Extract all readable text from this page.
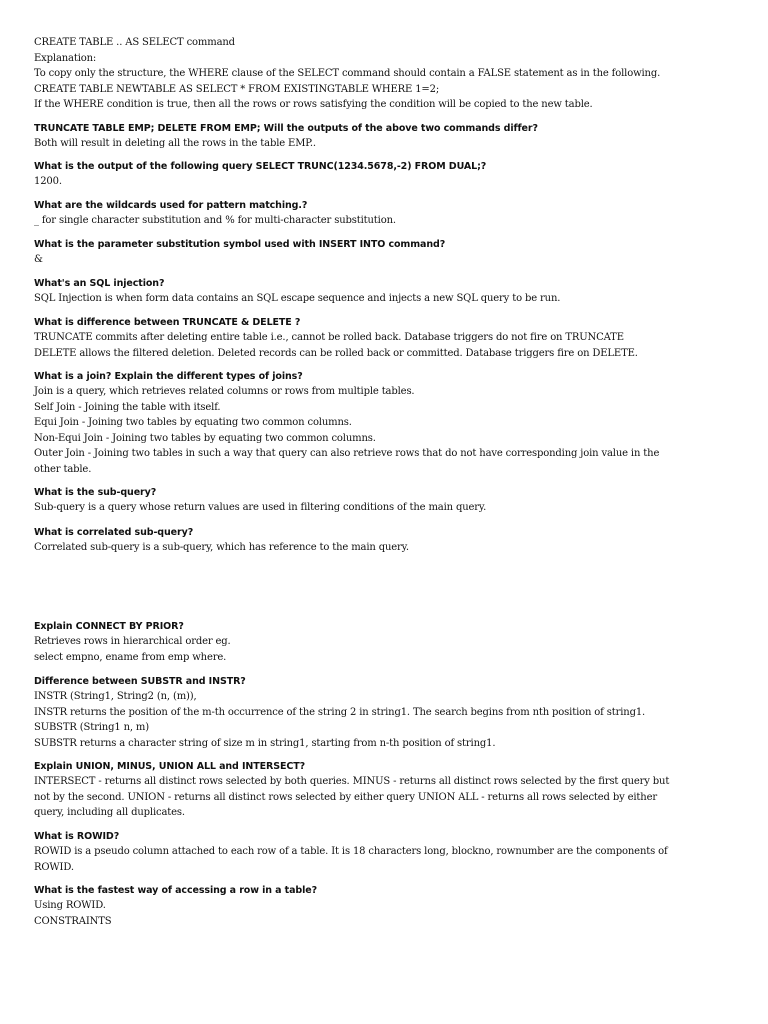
CREATE TABLE .. AS SELECT command
Explanation:
To copy only the structure, the WHERE clause of the SELECT command should contain a FALSE statement as in the following.
CREATE TABLE NEWTABLE AS SELECT * FROM EXISTINGTABLE WHERE 1=2;
If the WHERE condition is true, then all the rows or rows satisfying the condition will be copied to the new table.
TRUNCATE TABLE EMP; DELETE FROM EMP; Will the outputs of the above two commands differ?
Both will result in deleting all the rows in the table EMP..
What is the output of the following query SELECT TRUNC(1234.5678,-2) FROM DUAL;?
1200.
What are the wildcards used for pattern matching.?
_ for single character substitution and % for multi-character substitution.
What is the parameter substitution symbol used with INSERT INTO command?
&
What's an SQL injection?
SQL Injection is when form data contains an SQL escape sequence and injects a new SQL query to be run.
What is difference between TRUNCATE & DELETE ?
TRUNCATE commits after deleting entire table i.e., cannot be rolled back. Database triggers do not fire on TRUNCATE
DELETE allows the filtered deletion. Deleted records can be rolled back or committed. Database triggers fire on DELETE.
What is a join? Explain the different types of joins?
Join is a query, which retrieves related columns or rows from multiple tables.
Self Join - Joining the table with itself.
Equi Join - Joining two tables by equating two common columns.
Non-Equi Join - Joining two tables by equating two common columns.
Outer Join - Joining two tables in such a way that query can also retrieve rows that do not have corresponding join value in the
other table.
What is the sub-query?
Sub-query is a query whose return values are used in filtering conditions of the main query.
What is correlated sub-query?
Correlated sub-query is a sub-query, which has reference to the main query.
Explain CONNECT BY PRIOR?
Retrieves rows in hierarchical order eg.
select empno, ename from emp where.
Difference between SUBSTR and INSTR?
INSTR (String1, String2 (n, (m)),
INSTR returns the position of the m-th occurrence of the string 2 in string1. The search begins from nth position of string1.
SUBSTR (String1 n, m)
SUBSTR returns a character string of size m in string1, starting from n-th position of string1.
Explain UNION, MINUS, UNION ALL and INTERSECT?
INTERSECT - returns all distinct rows selected by both queries. MINUS - returns all distinct rows selected by the first query but
not by the second. UNION - returns all distinct rows selected by either query UNION ALL - returns all rows selected by either
query, including all duplicates.
What is ROWID?
ROWID is a pseudo column attached to each row of a table. It is 18 characters long, blockno, rownumber are the components of
ROWID.
What is the fastest way of accessing a row in a table?
Using ROWID.
CONSTRAINTS
